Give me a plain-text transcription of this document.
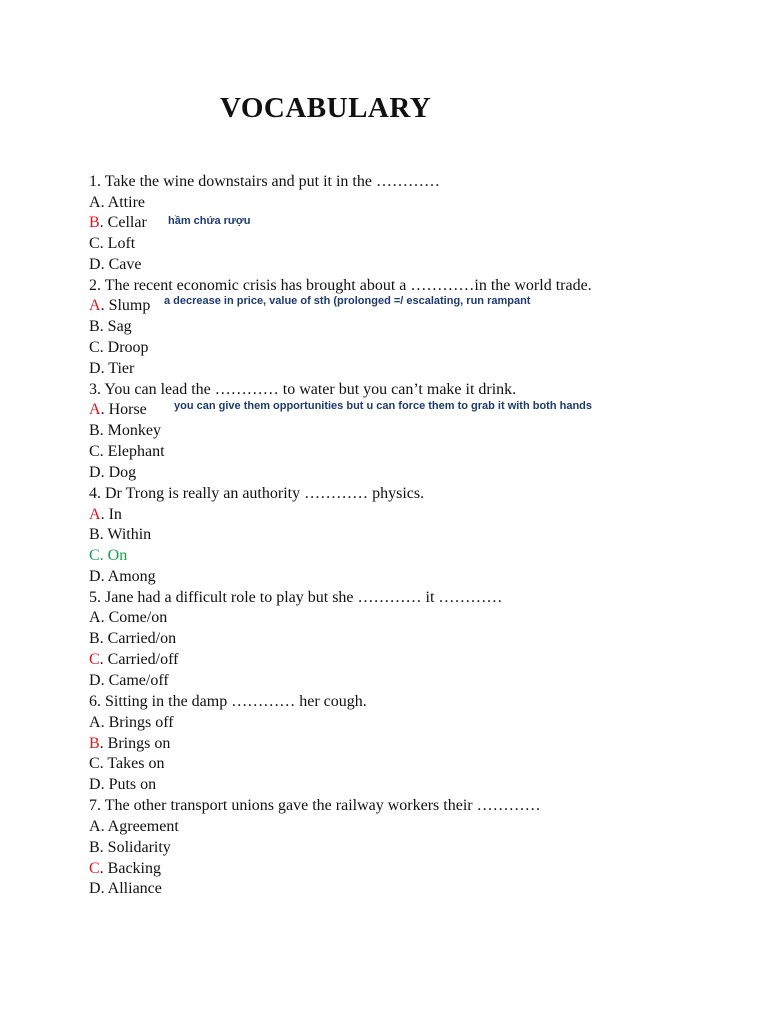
VOCABULARY
1. Take the wine downstairs and put it in the …………
A. Attire
B. Cellar hầm chứa rượu
C. Loft
D. Cave
2. The recent economic crisis has brought about a …………in the world trade.
A. Slump a decrease in price, value of sth (prolonged =/ escalating, run rampant
B. Sag
C. Droop
D. Tier
3. You can lead the ………… to water but you can’t make it drink.
A. Horse you can give them opportunities but u can force them to grab it with both hands
B. Monkey
C. Elephant
D. Dog
4. Dr Trong is really an authority ………… physics.
A. In
B. Within
C. On
D. Among
5. Jane had a difficult role to play but she ………… it …………
A. Come/on
B. Carried/on
C. Carried/off
D. Came/off
6. Sitting in the damp ………… her cough.
A. Brings off
B. Brings on
C. Takes on
D. Puts on
7. The other transport unions gave the railway workers their …………
A. Agreement
B. Solidarity
C. Backing
D. Alliance
